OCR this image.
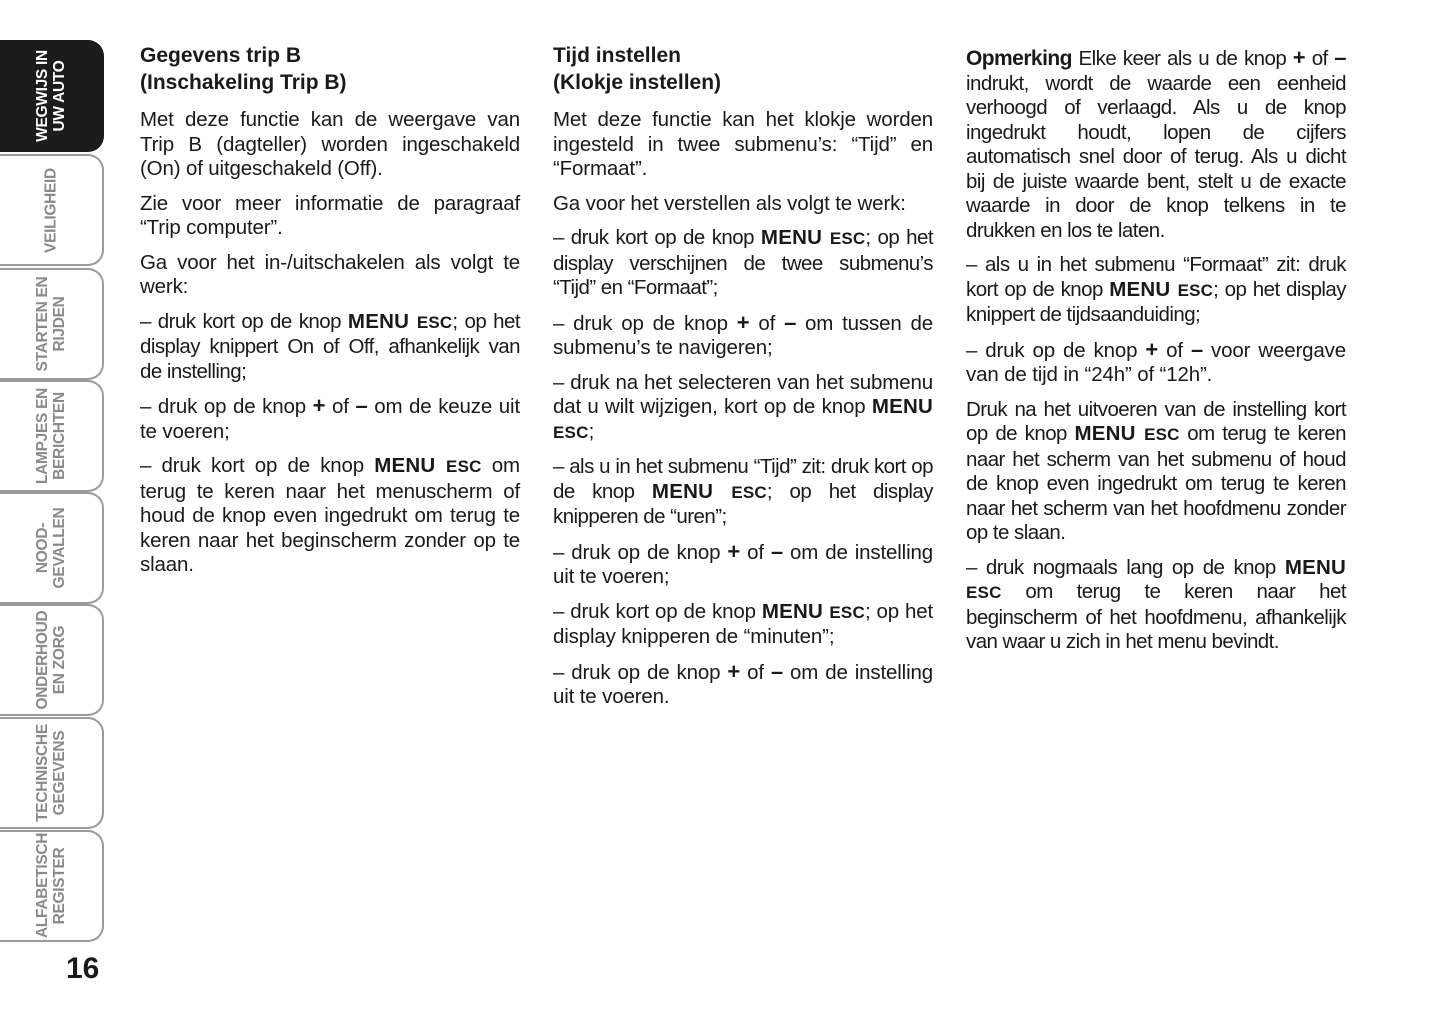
WEGWIJS IN
UW AUTO
VEILIGHEID
STARTEN EN
RIJDEN
LAMPJES EN
BERICHTEN
NOOD-
GEVALLEN
ONDERHOUD
EN ZORG
TECHNISCHE
GEGEVENS
ALFABETISCH
REGISTER
16
Gegevens trip B
(Inschakeling Trip B)

Met deze functie kan de weergave van Trip B (dagteller) worden ingeschakeld (On) of uitgeschakeld (Off).

Zie voor meer informatie de paragraaf “Trip computer”.

Ga voor het in-/uitschakelen als volgt te werk:

– druk kort op de knop MENU ESC; op het display knippert On of Off, afhankelijk van de instelling;

– druk op de knop + of – om de keuze uit te voeren;

– druk kort op de knop MENU ESC om terug te keren naar het menuscherm of houd de knop even ingedrukt om terug te keren naar het beginscherm zonder op te slaan.

Tijd instellen
(Klokje instellen)

Met deze functie kan het klokje worden ingesteld in twee submenu’s: “Tijd” en “Formaat”.

Ga voor het verstellen als volgt te werk:

– druk kort op de knop MENU ESC; op het display verschijnen de twee submenu’s “Tijd” en “Formaat”;

– druk op de knop + of – om tussen de submenu’s te navigeren;

– druk na het selecteren van het submenu dat u wilt wijzigen, kort op de knop MENU ESC;

– als u in het submenu “Tijd” zit: druk kort op de knop MENU ESC; op het display knipperen de “uren”;

– druk op de knop + of – om de instelling uit te voeren;

– druk kort op de knop MENU ESC; op het display knipperen de “minuten”;

– druk op de knop + of – om de instelling uit te voeren.

Opmerking Elke keer als u de knop + of – indrukt, wordt de waarde een eenheid verhoogd of verlaagd. Als u de knop ingedrukt houdt, lopen de cijfers automatisch snel door of terug. Als u dicht bij de juiste waarde bent, stelt u de exacte waarde in door de knop telkens in te drukken en los te laten.

– als u in het submenu “Formaat” zit: druk kort op de knop MENU ESC; op het display knippert de tijdsaanduiding;

– druk op de knop + of – voor weergave van de tijd in “24h” of “12h”.

Druk na het uitvoeren van de instelling kort op de knop MENU ESC om terug te keren naar het scherm van het submenu of houd de knop even ingedrukt om terug te keren naar het scherm van het hoofdmenu zonder op te slaan.

– druk nogmaals lang op de knop MENU ESC om terug te keren naar het beginscherm of het hoofdmenu, afhankelijk van waar u zich in het menu bevindt.
